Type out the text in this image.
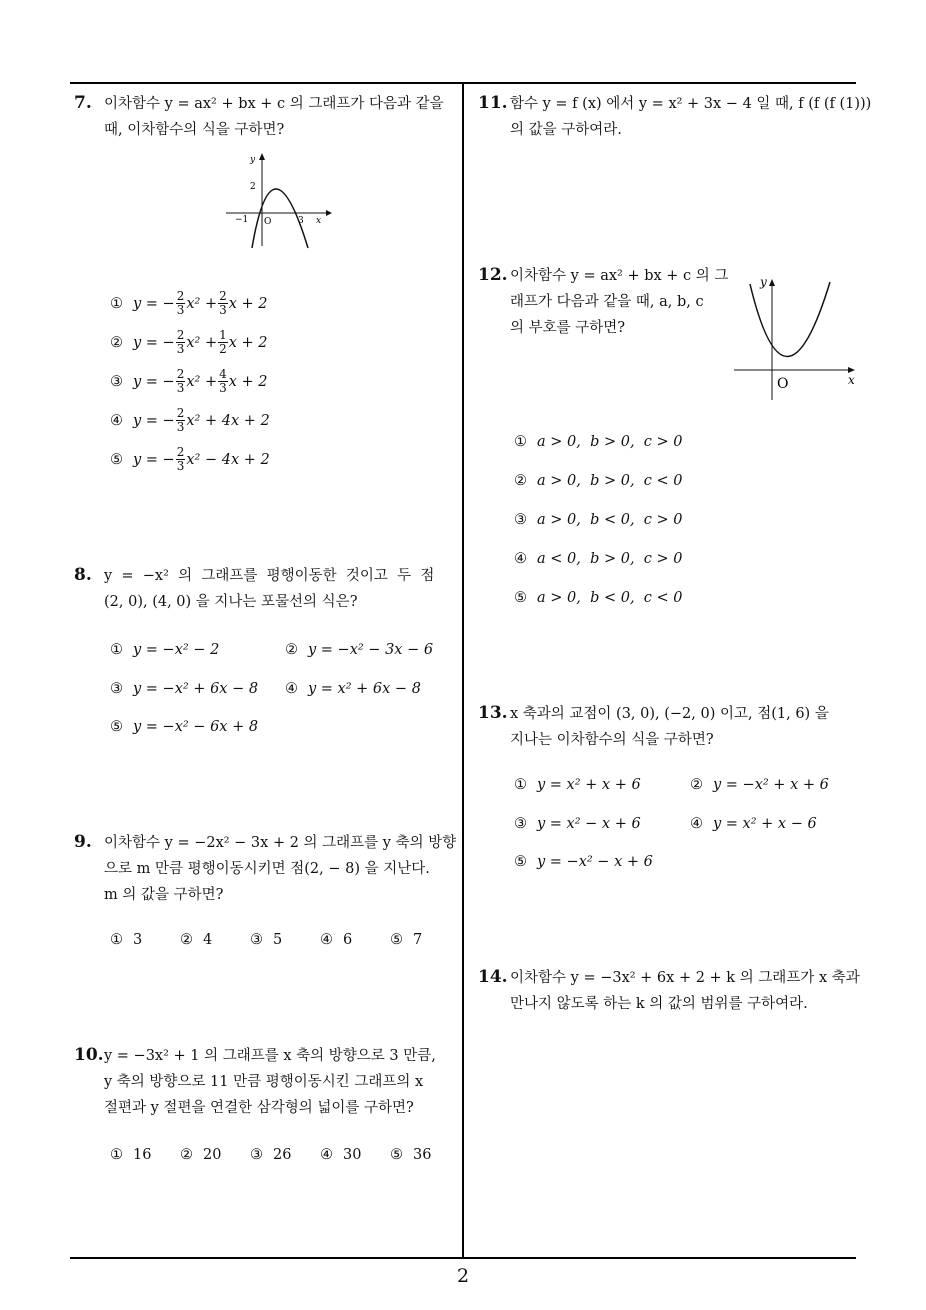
7. 이차함수 y = ax² + bx + c 의 그래프가 다음과 같을
때, 이차함수의 식을 구하면?
y
x
O
2
−1	3
① y = − $\frac{2}{3} x^2 + \frac{2}{3}$ x + 2
② y = − $\frac{2}{3} x^2 + \frac{1}{2}$ x + 2
③ y = − $\frac{2}{3} x^2 + \frac{4}{3}$ x + 2
④ y = − $\frac{2}{3} x^2 + 4x + 2$
⑤ y = − $\frac{2}{3} x^2 - 4x + 2$
8. y  =  −x²  의  그래프를  평행이동한  것이고  두  점
(2, 0), (4, 0) 을 지나는 포물선의 식은?
① y = −x² − 2	② y = −x² − 3x − 6
③ y = −x² + 6x − 8 ④ y = x² + 6x − 8
⑤ y = −x² − 6x + 8
9. 이차함수 y = −2x² − 3x + 2 의 그래프를 y 축의 방향
으로 m 만큼 평행이동시키면 점(2, − 8) 을 지난다.
m 의 값을 구하면?
① 3	② 4	③ 5	④ 6	⑤ 7
10. y = −3x² + 1 의 그래프를 x 축의 방향으로 3 만큼,
y 축의 방향으로 11 만큼 평행이동시킨 그래프의 x
절편과 y 절편을 연결한 삼각형의 넓이를 구하면?
① 16 ② 20 ③ 26 ④ 30 ⑤ 36
11. 함수 y = f (x) 에서 y = x² + 3x − 4 일 때, f (f (f (1)))
의 값을 구하여라.
12. 이차함수 y = ax² + bx + c 의 그
래프가 다음과 같을 때, a, b, c
의 부호를 구하면?
y
x
O
① a > 0,  b > 0,  c > 0
② a > 0,  b > 0,  c < 0
③ a > 0,  b < 0,  c > 0
④ a < 0,  b > 0,  c > 0
⑤ a > 0,  b < 0,  c < 0
13. x 축과의 교점이 (3, 0), (−2, 0) 이고, 점(1, 6) 을
지나는 이차함수의 식을 구하면?
① y = x² + x + 6	② y = −x² + x + 6
③ y = x² − x + 6	④ y = x² + x − 6
⑤ y = −x² − x + 6
14. 이차함수 y = −3x² + 6x + 2 + k 의 그래프가 x 축과
만나지 않도록 하는 k 의 값의 범위를 구하여라.
2
